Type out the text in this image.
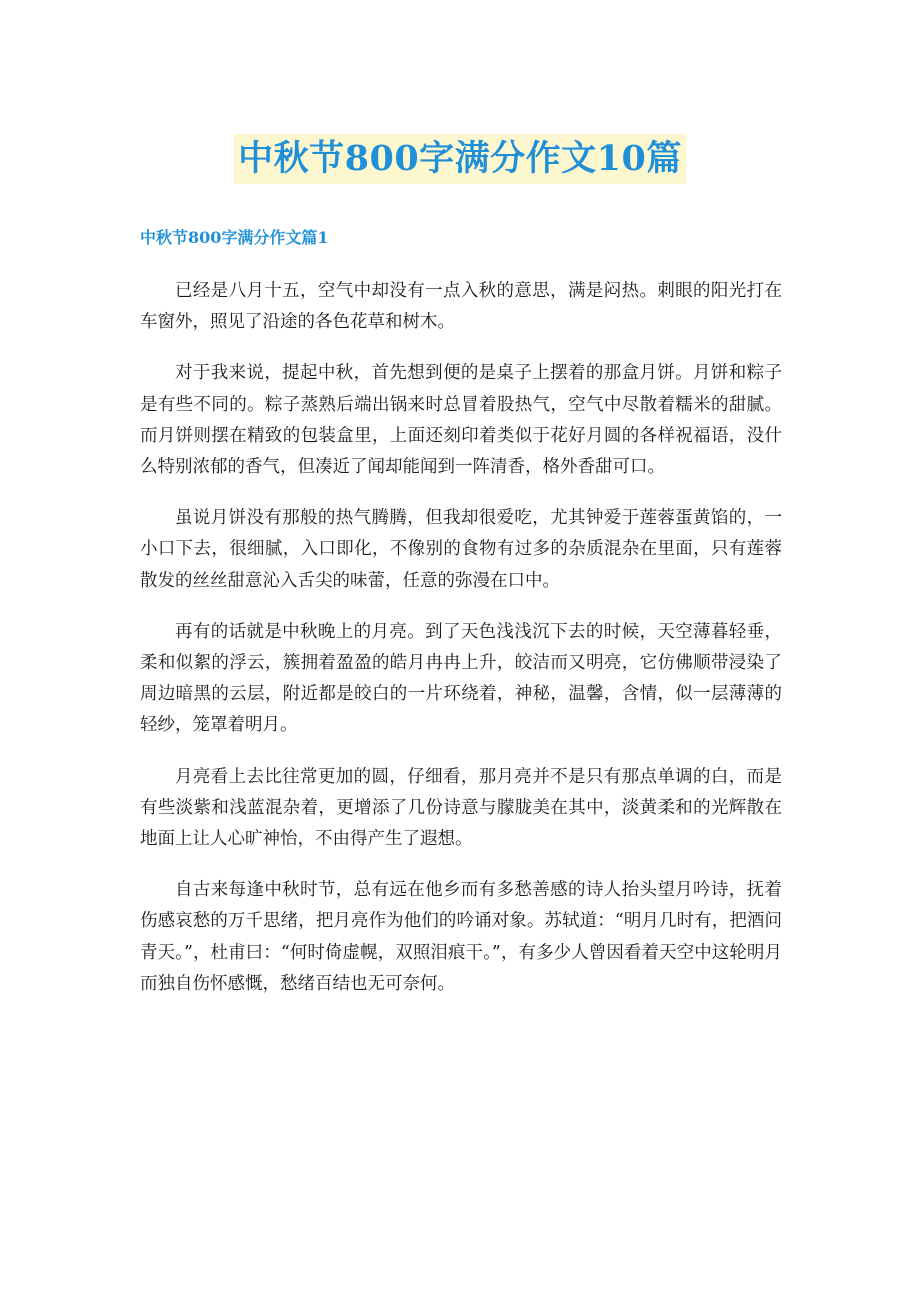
中秋节800字满分作文10篇
中秋节800字满分作文篇1

已经是八月十五，空气中却没有一点入秋的意思，满是闷热。刺眼的阳光打在车窗外，照见了沿途的各色花草和树木。

对于我来说，提起中秋，首先想到便的是桌子上摆着的那盒月饼。月饼和粽子是有些不同的。粽子蒸熟后端出锅来时总冒着股热气，空气中尽散着糯米的甜腻。而月饼则摆在精致的包装盒里，上面还刻印着类似于花好月圆的各样祝福语，没什么特别浓郁的香气，但凑近了闻却能闻到一阵清香，格外香甜可口。

虽说月饼没有那般的热气腾腾，但我却很爱吃，尤其钟爱于莲蓉蛋黄馅的，一小口下去，很细腻，入口即化，不像别的食物有过多的杂质混杂在里面，只有莲蓉散发的丝丝甜意沁入舌尖的味蕾，任意的弥漫在口中。

再有的话就是中秋晚上的月亮。到了天色浅浅沉下去的时候，天空薄暮轻垂，柔和似絮的浮云，簇拥着盈盈的皓月冉冉上升，皎洁而又明亮，它仿佛顺带浸染了周边暗黑的云层，附近都是皎白的一片环绕着，神秘，温馨，含情，似一层薄薄的轻纱，笼罩着明月。

月亮看上去比往常更加的圆，仔细看，那月亮并不是只有那点单调的白，而是有些淡紫和浅蓝混杂着，更增添了几份诗意与朦胧美在其中，淡黄柔和的光辉散在地面上让人心旷神怡，不由得产生了遐想。

自古来每逢中秋时节，总有远在他乡而有多愁善感的诗人抬头望月吟诗，抚着伤感哀愁的万千思绪，把月亮作为他们的吟诵对象。苏轼道：“明月几时有，把酒问青天。”，杜甫曰：“何时倚虚幌，双照泪痕干。”，有多少人曾因看着天空中这轮明月而独自伤怀感慨，愁绪百结也无可奈何。
